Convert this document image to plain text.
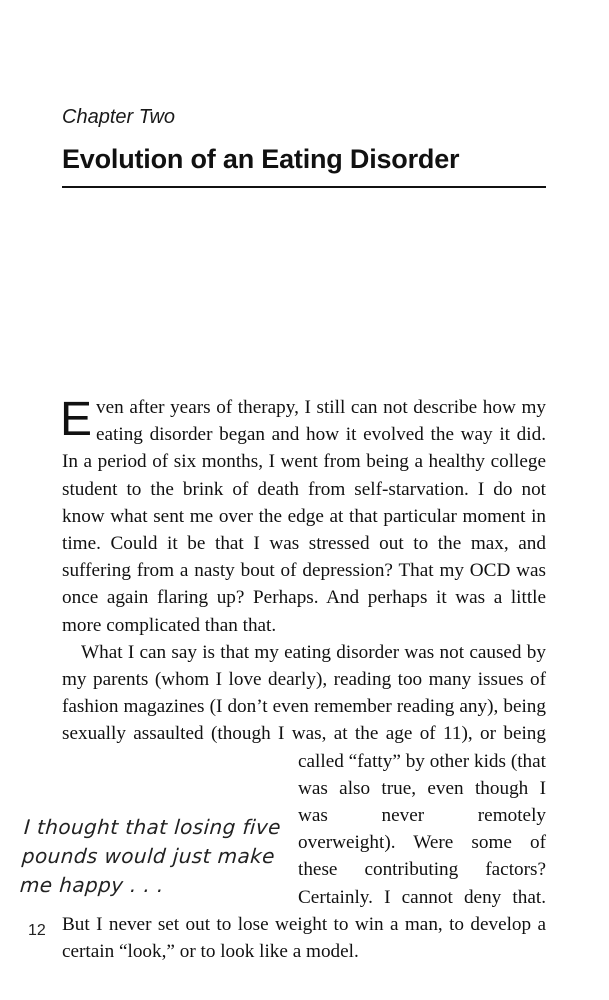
Chapter Two
Evolution of an Eating Disorder

Even after years of therapy, I still can not describe how my eating disorder began and how it evolved the way it did. In a period of six months, I went from being a healthy college student to the brink of death from self-starvation. I do not know what sent me over the edge at that particular moment in time. Could it be that I was stressed out to the max, and suffering from a nasty bout of depression? That my OCD was once again flaring up? Perhaps. And perhaps it was a little more complicated than that.

What I can say is that my eating disorder was not caused by my parents (whom I love dearly), reading too many issues of fashion magazines (I don’t even remember reading any), being sexually assaulted (though I was, at the age of 11), or being called “fatty” by other kids (that was also true, even though I was never remotely overweight). Were some of these contributing factors? Certainly. I cannot deny that. But I never set out to lose weight to win a man, to develop a certain “look,” or to look like a model.

I thought that losing five pounds would just make me happy . . .
12
